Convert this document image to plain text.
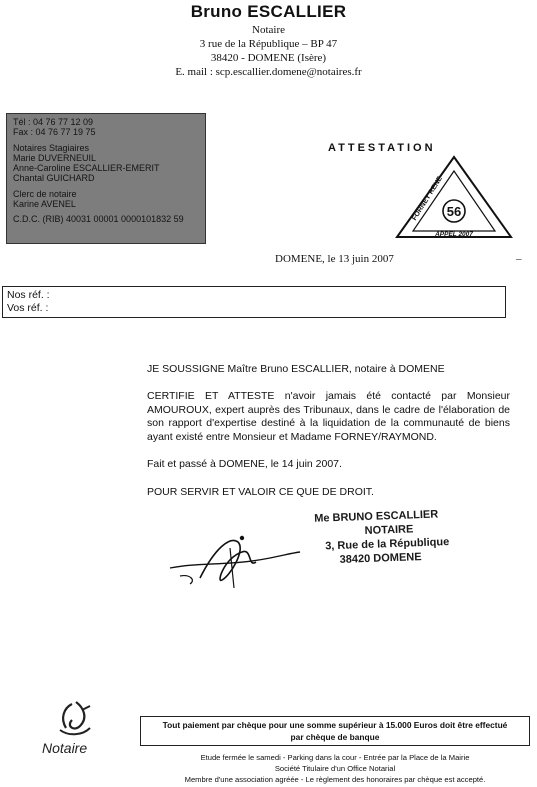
Bruno ESCALLIER
Notaire
3 rue de la République – BP 47
38420 - DOMENE (Isère)
E. mail : scp.escallier.domene@notaires.fr
Tél : 04 76 77 12 09
Fax : 04 76 77 19 75
Notaires Stagiaires
Marie DUVERNEUIL
Anne-Caroline ESCALLIER-EMERIT
Chantal GUICHARD
Clerc de notaire
Karine AVENEL
C.D.C. (RIB) 40031 00001 0000101832 59
ATTESTATION
56
FORNEY RENE
APPEL 2007
DOMENE, le 13 juin 2007	–
Nos réf. :
Vos réf. :
JE SOUSSIGNE Maître Bruno ESCALLIER, notaire à DOMENE
CERTIFIE ET ATTESTE n'avoir jamais été contacté par Monsieur AMOUROUX, expert auprès des Tribunaux, dans le cadre de l'élaboration de son rapport d'expertise destiné à la liquidation de la communauté de biens ayant existé entre Monsieur et Madame FORNEY/RAYMOND.
Fait et passé à DOMENE, le 14 juin 2007.
POUR SERVIR ET VALOIR CE QUE DE DROIT.
Me BRUNO ESCALLIER
NOTAIRE
3, Rue de la République
38420 DOMENE
Notaire
Tout paiement par chèque pour une somme supérieur à 15.000 Euros doit être effectué
par chèque de banque
Etude fermée le samedi - Parking dans la cour - Entrée par la Place de la Mairie
Société Titulaire d'un Office Notarial
Membre d'une association agréée - Le règlement des honoraires par chèque est accepté.
